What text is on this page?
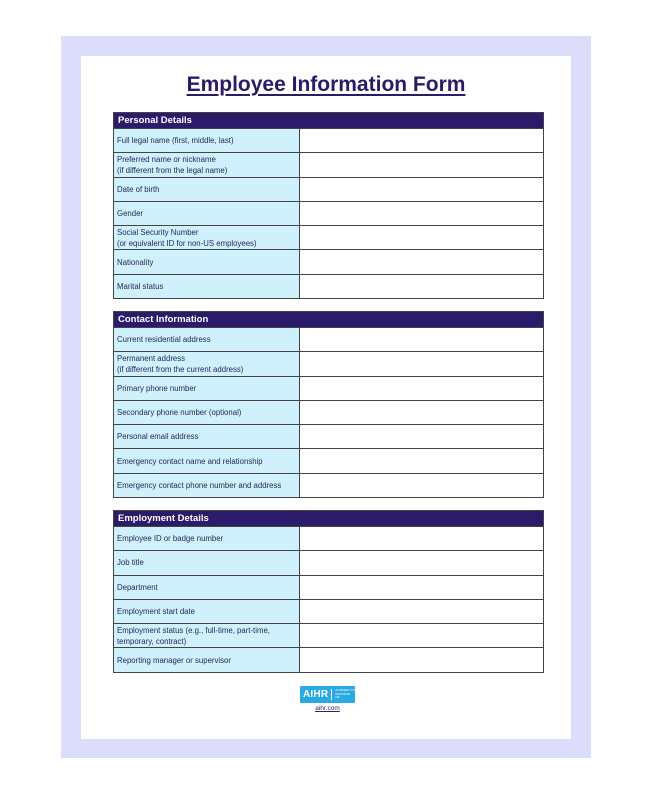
Employee Information Form
Personal Details
Full legal name (first, middle, last)
Preferred name or nickname
(if different from the legal name)
Date of birth
Gender
Social Security Number
(or equivalent ID for non-US employees)
Nationality
Marital status
Contact Information
Current residential address
Permanent address
(if different from the current address)
Primary phone number
Secondary phone number (optional)
Personal email address
Emergency contact name and relationship
Emergency contact phone number and address
Employment Details
Employee ID or badge number
Job title
Department
Employment start date
Employment status (e.g., full-time, part-time,
temporary, contract)
Reporting manager or supervisor
AIHR ACADEMY TO INNOVATE HR
aihr.com
